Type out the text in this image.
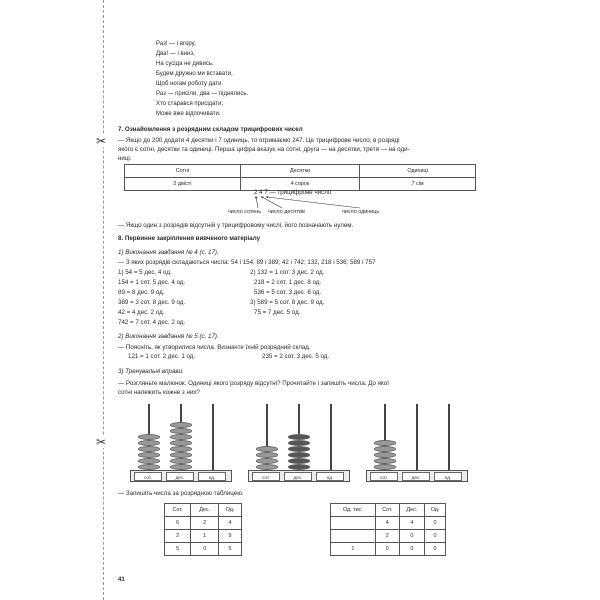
✂
✂
Раз! — і вгору,
Два! — і вниз,
На сусіда не дивись.
Будем дружно ми вставати,
Щоб ногам роботу дати.
Раз — присіли, два — піднялись.
Хто старався присідати,
Може вже відпочивати.
7. Ознайомлення з розрядним складом трицифрових чисел
— Якщо до 200 додати 4 десятки і 7 одиниць, то отримаємо 247. Це трицифрове число, в розряді
якого є сотні, десятки та одиниці. Перша цифра вказує на сотні, друга — на десятки, третя — на оди-
ниці.
Сотні	Десятки	Одиниці
2 двісті	4 сорок	7 сім
2 4 7 — трицифрове число
число сотень число десятків	число одиниць
— Якщо один з розрядів відсутній у трицифровому числі, його позначають нулем.
8. Первинне закріплення вивченого матеріалу
1) Виконання завдання № 4 (с. 17).
— З яких розрядів складаються числа: 54 і 154; 89 і 389; 42 і 742; 132, 218 і 536; 589 і 757
1) 54 = 5 дес. 4 од.
154 = 1 сот. 5 дес. 4 од.
89 = 8 дес. 9 од.
389 = 3 сот. 8 дес. 9 од.
42 = 4 дес. 2 од.
742 = 7 сот. 4 дес. 2 од.
2) 132 = 1 сот. 3 дес. 2 од.
218 = 2 сот. 1 дес. 8 од.
536 = 5 сот. 3 дес. 6 од.
3) 589 = 5 сот. 8 дес. 9 од.
75 = 7 дес. 5 од.
2) Виконання завдання № 5 (с. 17).
— Поясніть, як утворилися числа. Визначте їхній розрядний склад.
121 = 1 сот. 2 дес. 1 од.	235 = 2 сот. 3 дес. 5 од.
3) Тренувальні вправи.
— Розгляньте малюнок. Одиниці якого розряду відсутні? Прочитайте і запишіть числа. До якої
сотні належить кожне з них?
сот.	дес.	од.	сот.	дес.	од.	сот.	дес.	од.
— Запишіть числа за розрядною таблицею.
Сот.	Дес.	Од.
6	2	4
2	1	9
5	0	5
Од. тис.	Сот.	Дес.	Од.
	4	4	0
	2	0	0
1	0	0	0
41
